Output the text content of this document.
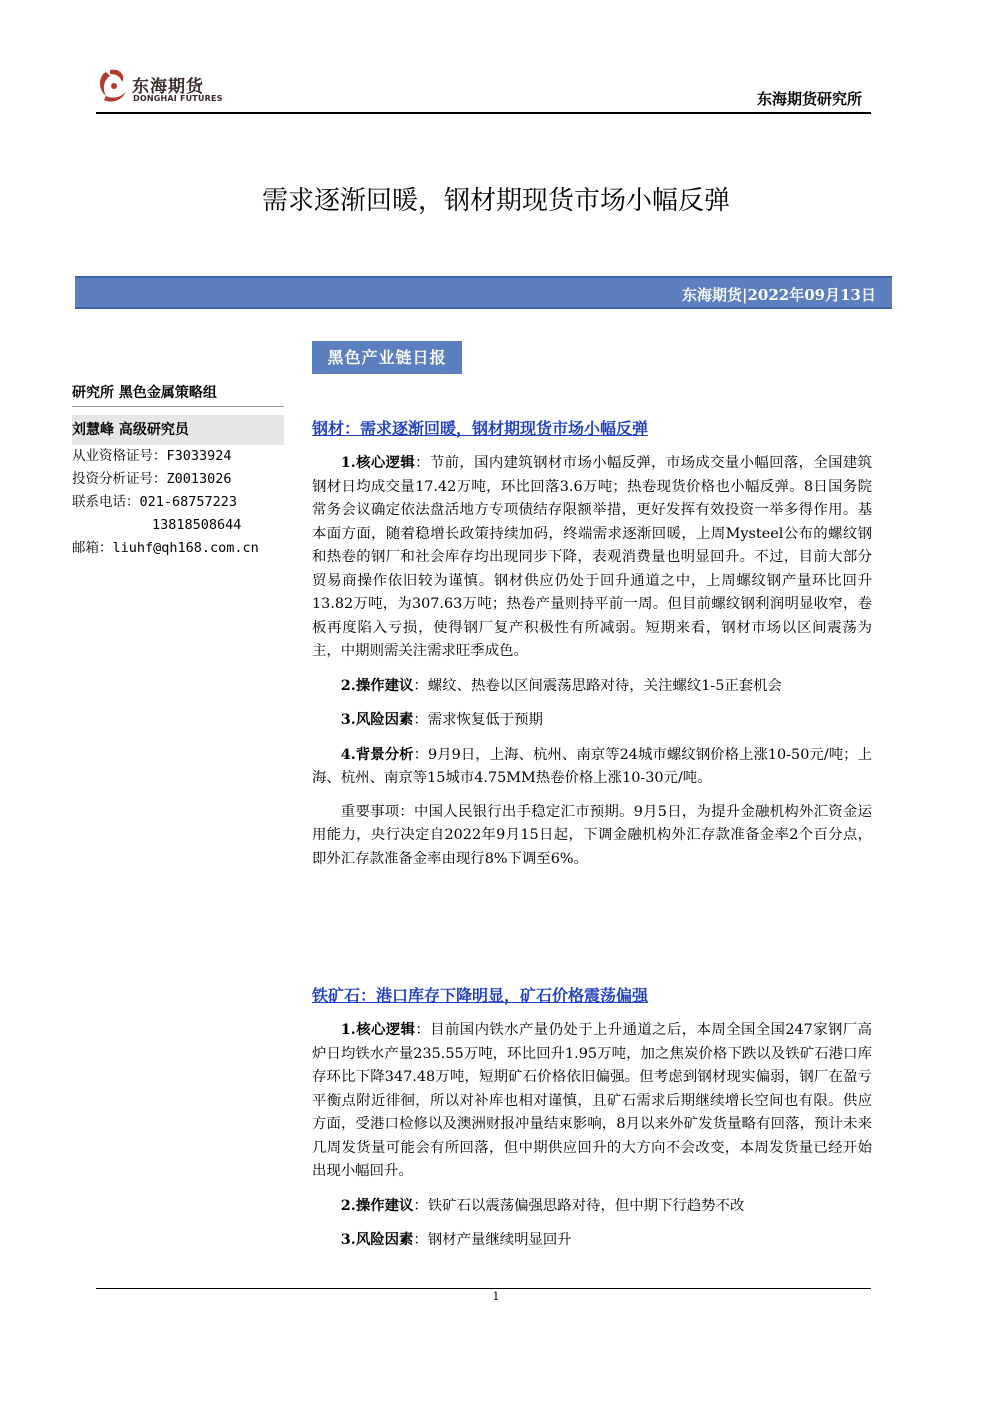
东海期货
DONGHAI FUTURES	东海期货研究所
需求逐渐回暖，钢材期现货市场小幅反弹
东海期货|2022年09月13日
黑色产业链日报
研究所 黑色金属策略组
刘慧峰 高级研究员
从业资格证号：F3033924
投资分析证号：Z0013026
联系电话：021-68757223
13818508644
邮箱：liuhf@qh168.com.cn
钢材：需求逐渐回暖，钢材期现货市场小幅反弹

1.核心逻辑：节前，国内建筑钢材市场小幅反弹，市场成交量小幅回落，全国建筑钢材日均成交量17.42万吨，环比回落3.6万吨；热卷现货价格也小幅反弹。8日国务院常务会议确定依法盘活地方专项债结存限额举措，更好发挥有效投资一举多得作用。基本面方面，随着稳增长政策持续加码，终端需求逐渐回暖，上周Mysteel公布的螺纹钢和热卷的钢厂和社会库存均出现同步下降，表观消费量也明显回升。不过，目前大部分贸易商操作依旧较为谨慎。钢材供应仍处于回升通道之中，上周螺纹钢产量环比回升13.82万吨，为307.63万吨；热卷产量则持平前一周。但目前螺纹钢利润明显收窄，卷板再度陷入亏损，使得钢厂复产积极性有所减弱。短期来看，钢材市场以区间震荡为主，中期则需关注需求旺季成色。

2.操作建议：螺纹、热卷以区间震荡思路对待，关注螺纹1-5正套机会

3.风险因素：需求恢复低于预期

4.背景分析：9月9日，上海、杭州、南京等24城市螺纹钢价格上涨10-50元/吨；上海、杭州、南京等15城市4.75MM热卷价格上涨10-30元/吨。

重要事项：中国人民银行出手稳定汇市预期。9月5日，为提升金融机构外汇资金运用能力，央行决定自2022年9月15日起，下调金融机构外汇存款准备金率2个百分点，即外汇存款准备金率由现行8%下调至6%。

铁矿石：港口库存下降明显，矿石价格震荡偏强

1.核心逻辑：目前国内铁水产量仍处于上升通道之后，本周全国全国247家钢厂高炉日均铁水产量235.55万吨，环比回升1.95万吨，加之焦炭价格下跌以及铁矿石港口库存环比下降347.48万吨，短期矿石价格依旧偏强。但考虑到钢材现实偏弱，钢厂在盈亏平衡点附近徘徊，所以对补库也相对谨慎，且矿石需求后期继续增长空间也有限。供应方面，受港口检修以及澳洲财报冲量结束影响，8月以来外矿发货量略有回落，预计未来几周发货量可能会有所回落，但中期供应回升的大方向不会改变，本周发货量已经开始出现小幅回升。

2.操作建议：铁矿石以震荡偏强思路对待，但中期下行趋势不改

3.风险因素：钢材产量继续明显回升

1
